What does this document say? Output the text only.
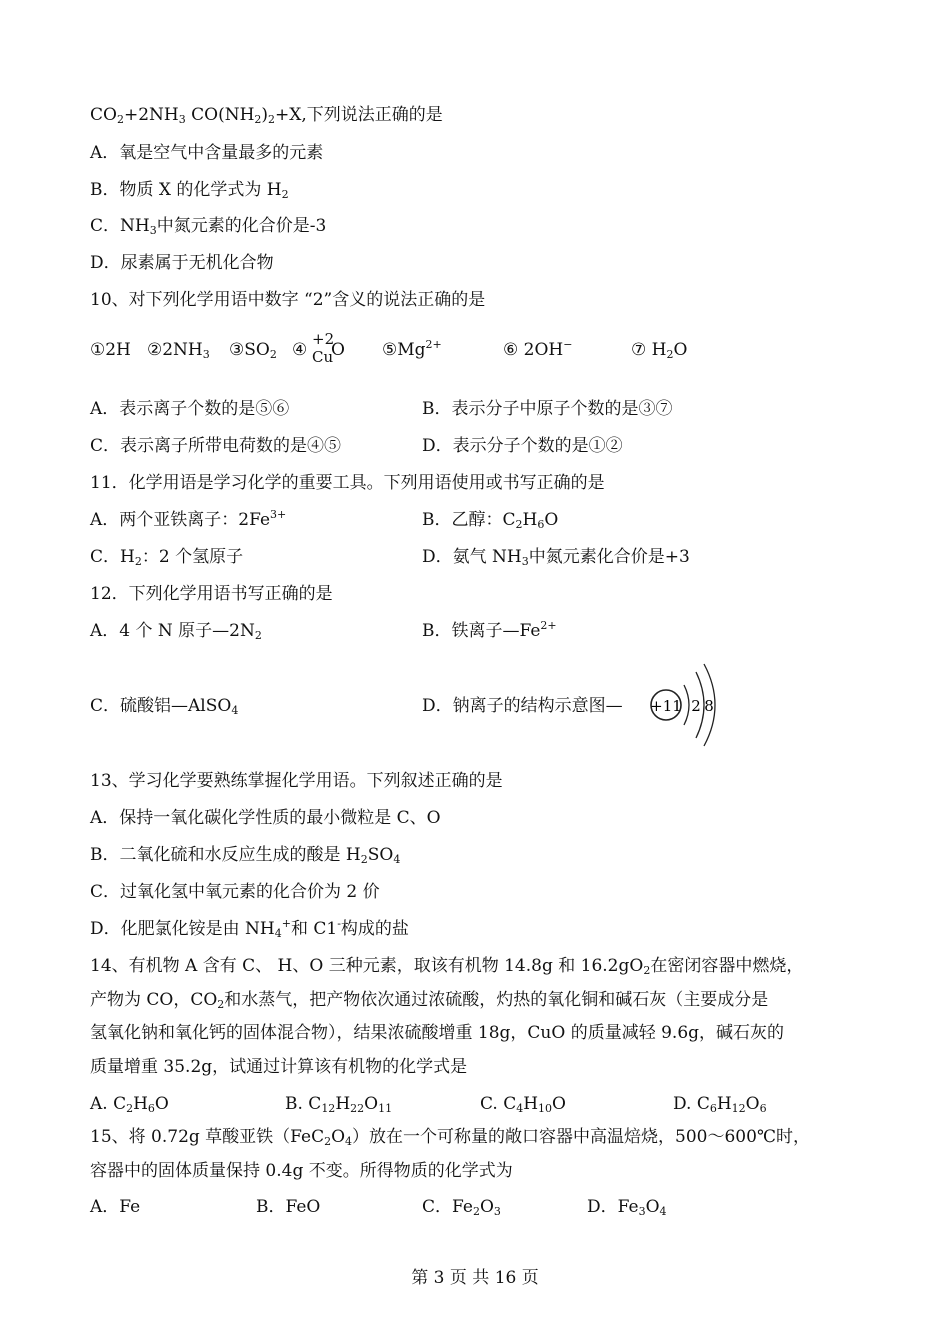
$CO_2+2NH_3$ $CO(NH_2)_2+X$,下列说法正确的是
A．氧是空气中含量最多的元素
B．物质 X 的化学式为 $H_2$
C．$NH_3$中氮元素的化合价是-3
D．尿素属于无机化合物
10、对下列化学用语中数字 “2”含义的说法正确的是
①2H $②2NH_3$ $③SO_2$ ④
+2
Cu
O $⑤Mg^{2+}$	⑥ 2OH−	⑦ $H_2O$
A．表示离子个数的是⑤⑥	B．表示分子中原子个数的是③⑦
C．表示离子所带电荷数的是④⑤	D．表示分子个数的是①②
11．化学用语是学习化学的重要工具。下列用语使用或书写正确的是
A．两个亚铁离子：$2Fe^{3+}$	B．乙醇：$C_2H_6O$
C．$H_2$：2 个氢原子	D．氨气 $NH_3$中氮元素化合价是+3
12．下列化学用语书写正确的是
A．4 个 N 原子$—2N_2$	B．铁离子$—Fe^{2+}$
C．硫酸铝—AlSO$_4$	D．钠离子的结构示意图— +11 2 8
13、学习化学要熟练掌握化学用语。下列叙述正确的是
A．保持一氧化碳化学性质的最小微粒是 C、O
B．二氧化硫和水反应生成的酸是 $H_2SO_4$
C．过氧化氢中氧元素的化合价为 2 价
D．化肥氯化铵是由 $NH_4^+$和 C1-构成的盐
14、有机物 A 含有 C、 H、O 三种元素，取该有机物 14.8g 和 $16.2gO_2$在密闭容器中燃烧，
产物为 CO，$CO_2$和水蒸气，把产物依次通过浓硫酸，灼热的氧化铜和碱石灰（主要成分是
氢氧化钠和氧化钙的固体混合物），结果浓硫酸增重 18g，CuO 的质量减轻 9.6g，碱石灰的
质量增重 35.2g，试通过计算该有机物的化学式是
A. $C_2H_6O$	B. $C_{12}H_{22}O_{11}$	C. $C_4H_{10}O$	D. $C_6H_{12}O_6$
15、将 0.72g 草酸亚铁$(FeC_2O_4)$放在一个可称量的敞口容器中高温焙烧，500～600℃时，
容器中的固体质量保持 0.4g 不变。所得物质的化学式为
A．Fe	B．FeO	C．$Fe_2O_3$	D．$Fe_3O_4$
第 3 页 共 16 页
